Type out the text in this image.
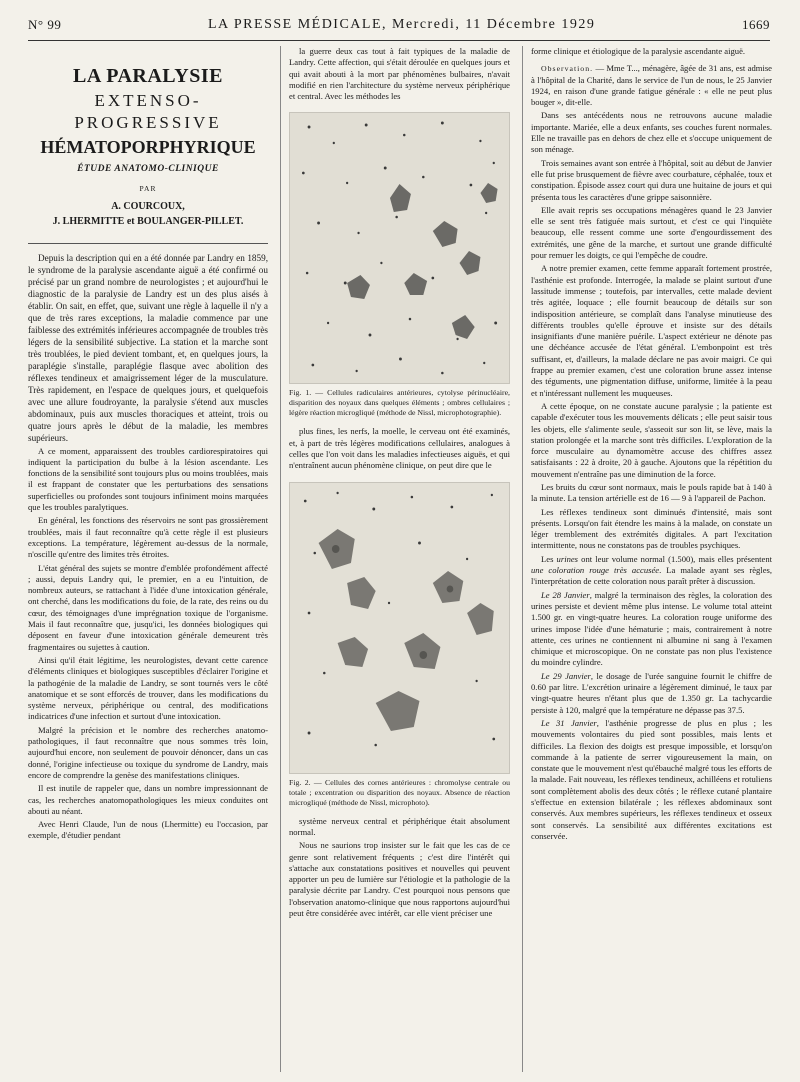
N° 99	LA PRESSE MÉDICALE, Mercredi, 11 Décembre 1929	1669
LA PARALYSIE
EXTENSO-PROGRESSIVE
HÉMATOPORPHYRIQUE
ÉTUDE ANATOMO-CLINIQUE
PAR
A. COURCOUX,
J. LHERMITTE et BOULANGER-PILLET.

Depuis la description qui en a été donnée par Landry en 1859, le syndrome de la paralysie ascendante aiguë a été confirmé ou précisé par un grand nombre de neurologistes ; et aujourd'hui le diagnostic de la paralysie de Landry est un des plus aisés à établir. On sait, en effet, que, suivant une règle à laquelle il n'y a que de très rares exceptions, la maladie commence par une faiblesse des extrémités inférieures accompagnée de troubles très légers de la sensibilité subjective. La station et la marche sont très troublées, le pied devient tombant, et, en quelques jours, la paraplégie s'installe, paraplégie flasque avec abolition des réflexes tendineux et amaigrissement léger de la musculature. Très rapidement, en l'espace de quelques jours, et quelquefois avec une allure foudroyante, la paralysie s'étend aux muscles abdominaux, puis aux muscles thoraciques et atteint, trois ou quatre jours après le début de la maladie, les membres supérieurs.

A ce moment, apparaissent des troubles cardiorespiratoires qui indiquent la participation du bulbe à la lésion ascendante. Les fonctions de la sensibilité sont toujours plus ou moins troublées, mais il est frappant de constater que les perturbations des sensations superficielles ou profondes sont toujours infiniment moins marquées que les troubles paralytiques.

En général, les fonctions des réservoirs ne sont pas grossièrement troublées, mais il faut reconnaître qu'à cette règle il est plusieurs exceptions. La température, légèrement au-dessus de la normale, n'oscille qu'entre des limites très étroites.

L'état général des sujets se montre d'emblée profondément affecté ; aussi, depuis Landry qui, le premier, en a eu l'intuition, de nombreux auteurs, se rattachant à l'idée d'une intoxication générale, ont cherché, dans les modifications du foie, de la rate, des reins ou du cœur, des témoignages d'une imprégnation toxique de l'organisme. Mais il faut reconnaître que, jusqu'ici, les données biologiques qui déposent en faveur d'une intoxication générale demeurent très fragmentaires ou sujettes à caution.

Ainsi qu'il était légitime, les neurologistes, devant cette carence d'éléments cliniques et biologiques susceptibles d'éclairer l'origine et la pathogénie de la maladie de Landry, se sont tournés vers le côté anatomique et se sont efforcés de trouver, dans les modifications du système nerveux, périphérique ou central, des modifications indicatrices d'une infection et surtout d'une intoxication.

Malgré la précision et le nombre des recherches anatomo-pathologiques, il faut reconnaître que nous sommes très loin, aujourd'hui encore, non seulement de pouvoir dénoncer, dans un cas donné, l'origine infectieuse ou toxique du syndrome de Landry, mais encore de comprendre la genèse des manifestations cliniques.

Il est inutile de rappeler que, dans un nombre impressionnant de cas, les recherches anatomopathologiques les mieux conduites ont abouti au néant.

Avec Henri Claude, l'un de nous (Lhermitte) eu l'occasion, par exemple, d'étudier pendant

la guerre deux cas tout à fait typiques de la maladie de Landry. Cette affection, qui s'était déroulée en quelques jours et qui avait abouti à la mort par phénomènes bulbaires, n'avait modifié en rien l'architecture du système nerveux périphérique et central. Avec les méthodes les

Fig. 1. — Cellules radiculaires antérieures, cytolyse périnucléaire, disparition des noyaux dans quelques éléments ; ombres cellulaires ; légère réaction microgliqué (méthode de Nissl, microphotographie).

plus fines, les nerfs, la moelle, le cerveau ont été examinés, et, à part de très légères modifications cellulaires, analogues à celles que l'on voit dans les maladies infectieuses aiguës, et qui n'entraînent aucun phénomène clinique, on peut dire que le

Fig. 2. — Cellules des cornes antérieures : chromolyse centrale ou totale ; excentration ou disparition des noyaux. Absence de réaction microgliqué (méthode de Nissl, microphoto).

système nerveux central et périphérique était absolument normal.

Nous ne saurions trop insister sur le fait que les cas de ce genre sont relativement fréquents ; c'est dire l'intérêt qui s'attache aux constatations positives et nouvelles qui peuvent apporter un peu de lumière sur l'étiologie et la pathologie de la paralysie décrite par Landry. C'est pourquoi nous pensons que l'observation anatomo-clinique que nous rapportons aujourd'hui peut être considérée avec intérêt, car elle vient préciser une

forme clinique et étiologique de la paralysie ascendante aiguë.

Observation. — Mme T..., ménagère, âgée de 31 ans, est admise à l'hôpital de la Charité, dans le service de l'un de nous, le 25 Janvier 1924, en raison d'une grande fatigue générale : « elle ne peut plus bouger », dit-elle.

Dans ses antécédents nous ne retrouvons aucune maladie importante. Mariée, elle a deux enfants, ses couches furent normales. Elle ne travaille pas en dehors de chez elle et s'occupe uniquement de son ménage.

Trois semaines avant son entrée à l'hôpital, soit au début de Janvier elle fut prise brusquement de fièvre avec courbature, céphalée, toux et constipation. Épisode assez court qui dura une huitaine de jours et qui présenta tous les caractères d'une grippe saisonnière.

Elle avait repris ses occupations ménagères quand le 23 Janvier elle se sent très fatiguée mais surtout, et c'est ce qui l'inquiète beaucoup, elle ressent comme une sorte d'engourdissement des extrémités, une gêne de la marche, et surtout une grande difficulté pour remuer les doigts, ce qui l'empêche de coudre.

A notre premier examen, cette femme apparaît fortement prostrée, l'asthénie est profonde. Interrogée, la malade se plaint surtout d'une lassitude immense ; toutefois, par intervalles, cette malade devient très agitée, loquace ; elle fournit beaucoup de détails sur son indisposition antérieure, se complaît dans l'analyse minutieuse des différents troubles qu'elle éprouve et insiste sur des détails insignifiants d'une manière puérile. L'aspect extérieur ne dénote pas une déchéance accusée de l'état général. L'embonpoint est très suffisant, et, d'ailleurs, la malade déclare ne pas avoir maigri. Ce qui frappe au premier examen, c'est une coloration brune assez intense des téguments, une pigmentation diffuse, uniforme, limitée à la peau et n'intéressant nullement les muqueuses.

A cette époque, on ne constate aucune paralysie ; la patiente est capable d'exécuter tous les mouvements délicats ; elle peut saisir tous les objets, elle s'alimente seule, s'asseoit sur son lit, se lève, mais la station prolongée et la marche sont très difficiles. L'exploration de la force musculaire au dynamomètre accuse des chiffres assez satisfaisants : 22 à droite, 20 à gauche. Ajoutons que la répétition du mouvement n'entraîne pas une diminution de la force.

Les bruits du cœur sont normaux, mais le pouls rapide bat à 140 à la minute. La tension artérielle est de 16 — 9 à l'appareil de Pachon.

Les réflexes tendineux sont diminués d'intensité, mais sont présents. Lorsqu'on fait étendre les mains à la malade, on constate un léger tremblement des extrémités digitales. A part l'excitation intermittente, nous ne constatons pas de troubles psychiques.

Les urines ont leur volume normal (1.500), mais elles présentent une coloration rouge très accusée. La malade ayant ses règles, l'interprétation de cette coloration nous paraît prêter à discussion.

Le 28 Janvier, malgré la terminaison des règles, la coloration des urines persiste et devient même plus intense. Le volume total atteint 1.500 gr. en vingt-quatre heures. La coloration rouge uniforme des urines impose l'idée d'une hématurie ; mais, contrairement à notre attente, ces urines ne contiennent ni albumine ni sang à l'examen chimique et microscopique. On ne constate pas non plus l'existence du moindre cylindre.

Le 29 Janvier, le dosage de l'urée sanguine fournit le chiffre de 0.60 par litre. L'excrétion urinaire a légèrement diminué, le taux par vingt-quatre heures n'étant plus que de 1.350 gr. La tachycardie persiste à 120, malgré que la température ne dépasse pas 37.5.

Le 31 Janvier, l'asthénie progresse de plus en plus ; les mouvements volontaires du pied sont possibles, mais lents et difficiles. La flexion des doigts est presque impossible, et lorsqu'on commande à la patiente de serrer vigoureusement la main, on constate que le mouvement n'est qu'ébauché malgré tous les efforts de la malade. Fait nouveau, les réflexes tendineux, achilléens et rotuliens sont complètement abolis des deux côtés ; le réflexe cutané plantaire s'effectue en extension bilatérale ; les réflexes abdominaux sont conservés. Aux membres supérieurs, les réflexes tendineux et osseux sont conservés. La sensibilité aux différentes excitations est conservée.
